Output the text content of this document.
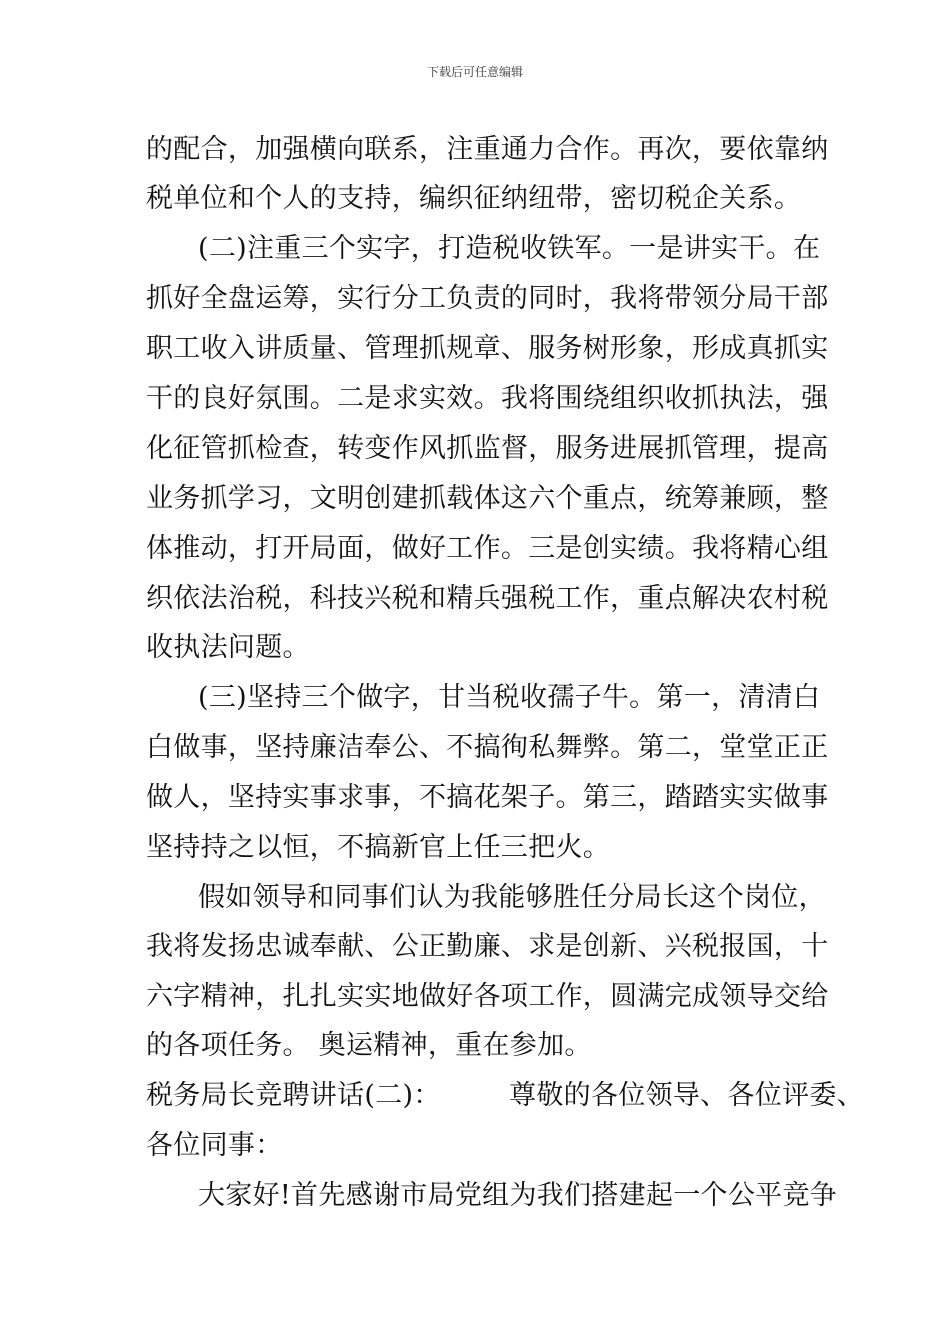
下载后可任意编辑
的配合，加强横向联系，注重通力合作。再次，要依靠纳
税单位和个人的支持，编织征纳纽带，密切税企关系。
(二)注重三个实字，打造税收铁军。一是讲实干。在
抓好全盘运筹，实行分工负责的同时，我将带领分局干部
职工收入讲质量、管理抓规章、服务树形象，形成真抓实
干的良好氛围。二是求实效。我将围绕组织收抓执法，强
化征管抓检查，转变作风抓监督，服务进展抓管理，提高
业务抓学习，文明创建抓载体这六个重点，统筹兼顾，整
体推动，打开局面，做好工作。三是创实绩。我将精心组
织依法治税，科技兴税和精兵强税工作，重点解决农村税
收执法问题。
(三)坚持三个做字，甘当税收孺子牛。第一，清清白
白做事，坚持廉洁奉公、不搞徇私舞弊。第二，堂堂正正
做人，坚持实事求事，不搞花架子。第三，踏踏实实做事
坚持持之以恒，不搞新官上任三把火。
假如领导和同事们认为我能够胜任分局长这个岗位，
我将发扬忠诚奉献、公正勤廉、求是创新、兴税报国，十
六字精神，扎扎实实地做好各项工作，圆满完成领导交给
的各项任务。 奥运精神，重在参加。
税务局长竞聘讲话(二)：　　　尊敬的各位领导、各位评委、
各位同事：
大家好!首先感谢市局党组为我们搭建起一个公平竞争
